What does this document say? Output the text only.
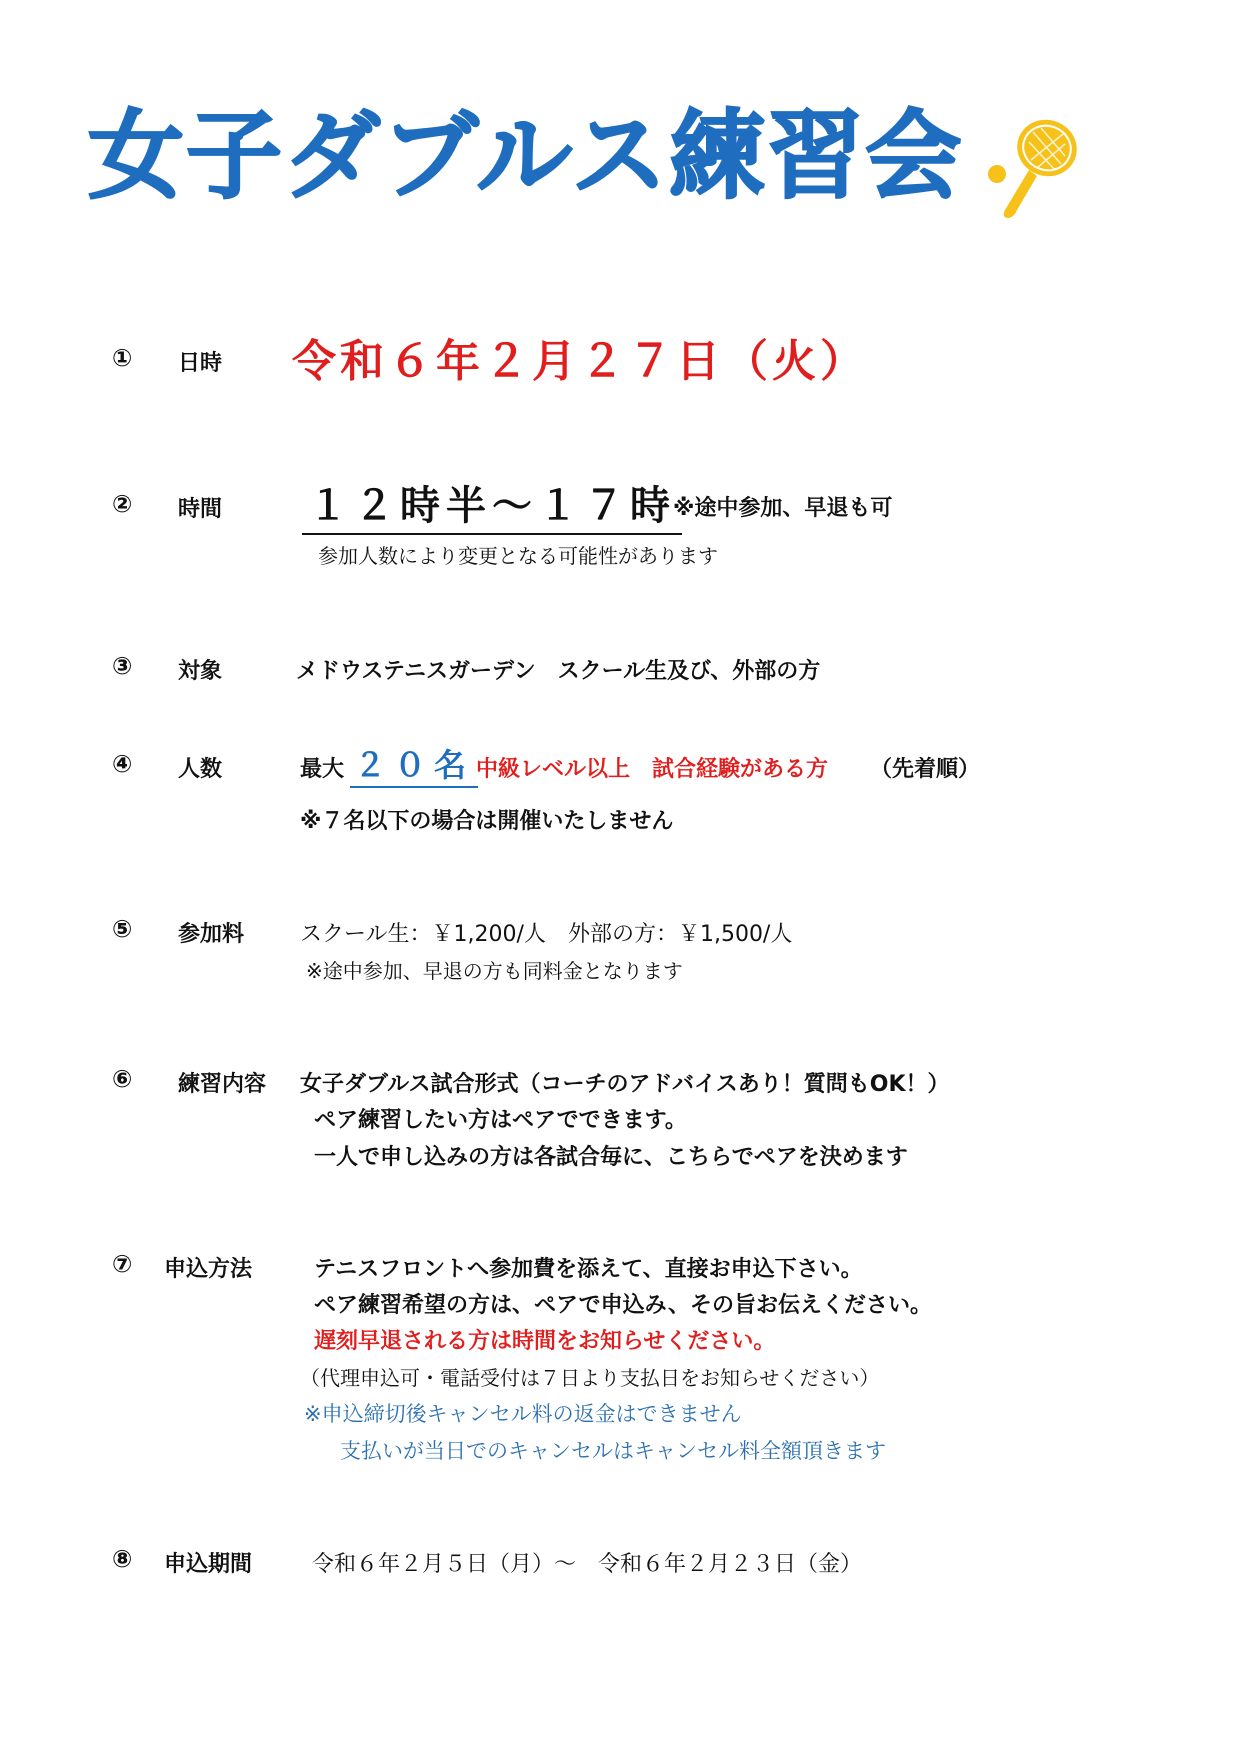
女子ダブルス練習会
① 日時 令和６年２月２７日（火）
② 時間 １２時半〜１７時
※途中参加、早退も可
参加人数により変更となる可能性があります
③ 対象	メドウステニスガーデン　スクール生及び、外部の方
④ 人数	最大 ２０名 中級レベル以上　試合経験がある方 （先着順）
※７名以下の場合は開催いたしません
⑤ 参加料	スクール生：￥1,200/人　外部の方：￥1,500/人
※途中参加、早退の方も同料金となります
⑥ 練習内容 女子ダブルス試合形式（コーチのアドバイスあり！質問もOK！）
ペア練習したい方はペアでできます。
一人で申し込みの方は各試合毎に、こちらでペアを決めます
⑦ 申込方法	テニスフロントへ参加費を添えて、直接お申込下さい。
ペア練習希望の方は、ペアで申込み、その旨お伝えください。
遅刻早退される方は時間をお知らせください。
（代理申込可・電話受付は７日より支払日をお知らせください）
※申込締切後キャンセル料の返金はできません
支払いが当日でのキャンセルはキャンセル料全額頂きます
⑧ 申込期間	令和６年２月５日（月）〜　令和６年２月２３日（金）
